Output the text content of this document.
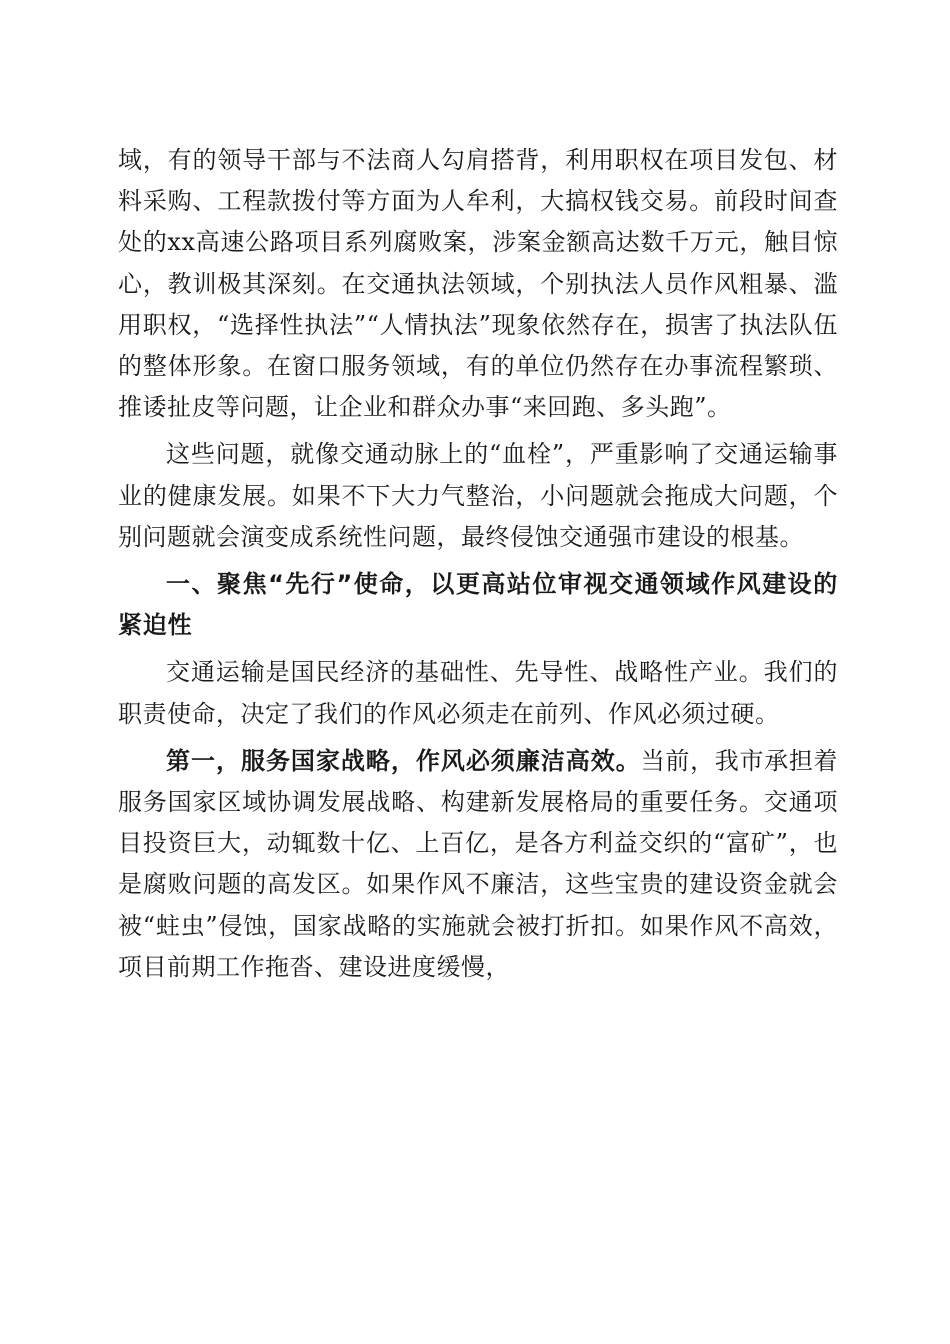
域，有的领导干部与不法商人勾肩搭背，利用职权在项目发包、材料采购、工程款拨付等方面为人牟利，大搞权钱交易。前段时间查处的xx高速公路项目系列腐败案，涉案金额高达数千万元，触目惊心，教训极其深刻。在交通执法领域，个别执法人员作风粗暴、滥用职权，“选择性执法”“人情执法”现象依然存在，损害了执法队伍的整体形象。在窗口服务领域，有的单位仍然存在办事流程繁琐、推诿扯皮等问题，让企业和群众办事“来回跑、多头跑”。

这些问题，就像交通动脉上的“血栓”，严重影响了交通运输事业的健康发展。如果不下大力气整治，小问题就会拖成大问题，个别问题就会演变成系统性问题，最终侵蚀交通强市建设的根基。

一、聚焦“先行”使命，以更高站位审视交通领域作风建设的紧迫性

交通运输是国民经济的基础性、先导性、战略性产业。我们的职责使命，决定了我们的作风必须走在前列、作风必须过硬。

第一，服务国家战略，作风必须廉洁高效。当前，我市承担着服务国家区域协调发展战略、构建新发展格局的重要任务。交通项目投资巨大，动辄数十亿、上百亿，是各方利益交织的“富矿”，也是腐败问题的高发区。如果作风不廉洁，这些宝贵的建设资金就会被“蛀虫”侵蚀，国家战略的实施就会被打折扣。如果作风不高效，项目前期工作拖沓、建设进度缓慢，
